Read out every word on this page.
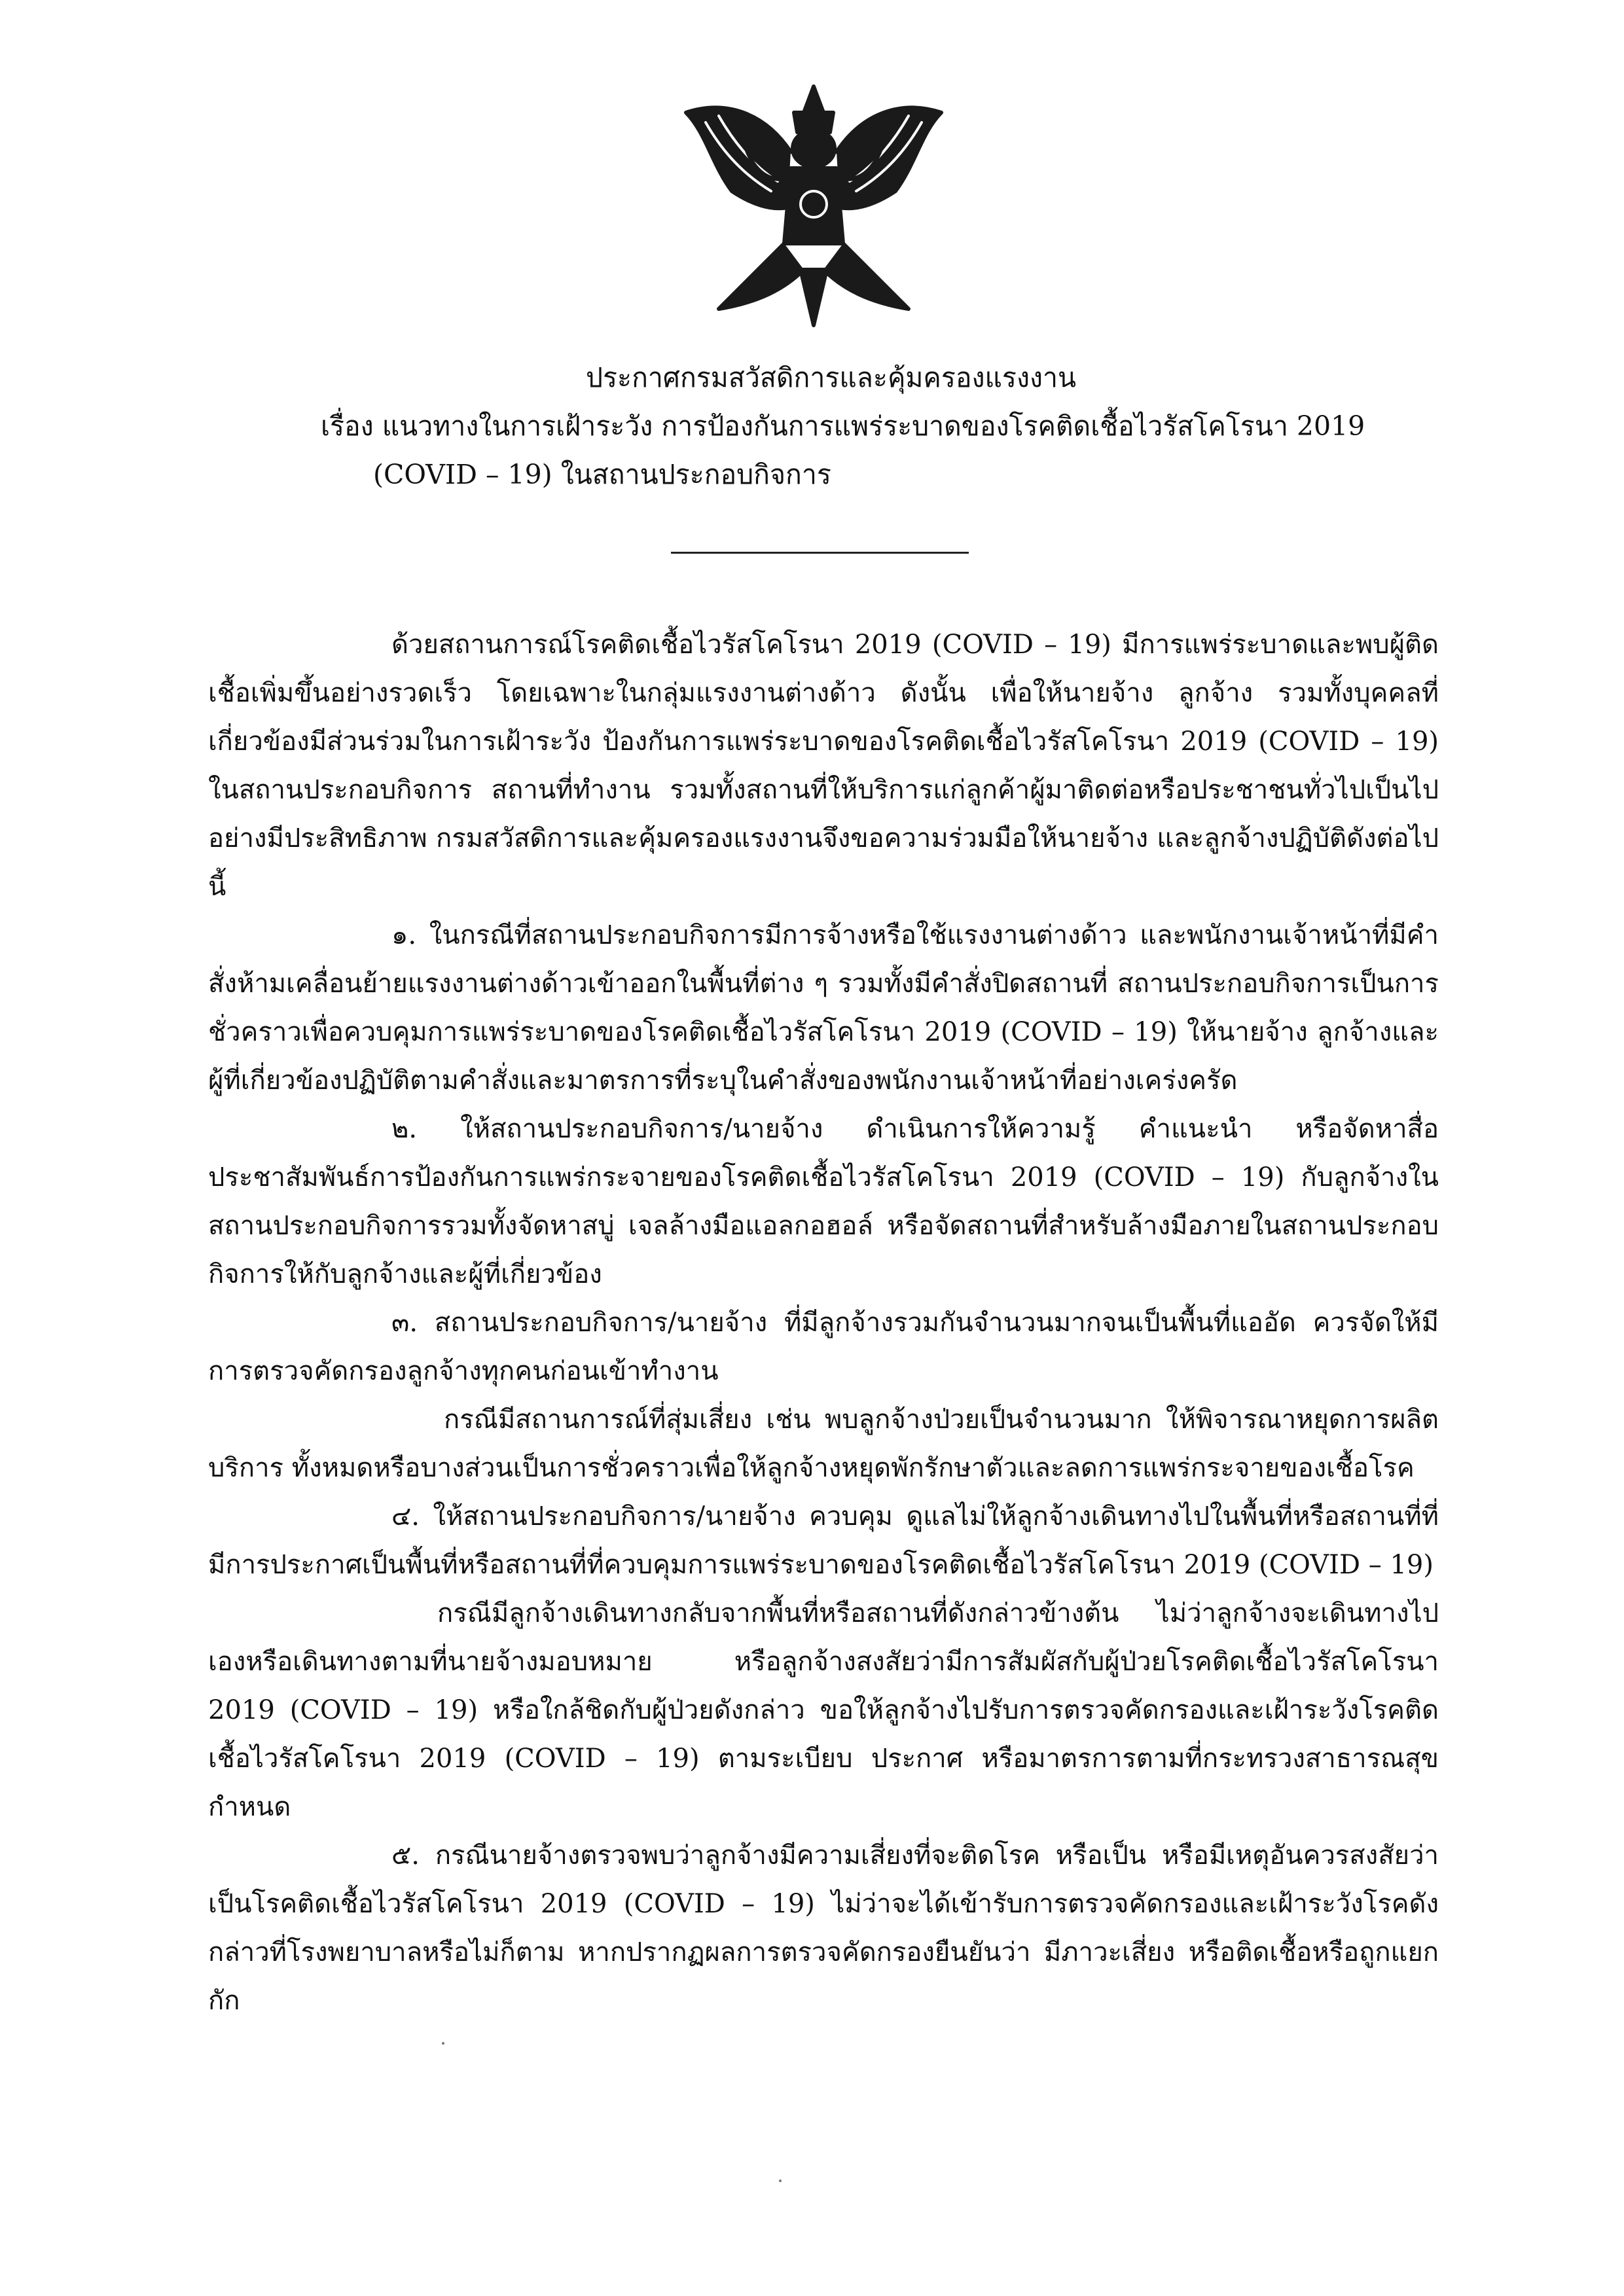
ประกาศกรมสวัสดิการและคุ้มครองแรงงาน
เรื่อง แนวทางในการเฝ้าระวัง การป้องกันการแพร่ระบาดของโรคติดเชื้อไวรัสโคโรนา 2019
(COVID – 19) ในสถานประกอบกิจการ

ด้วยสถานการณ์โรคติดเชื้อไวรัสโคโรนา 2019 (COVID – 19) มีการแพร่ระบาดและพบผู้ติดเชื้อเพิ่มขึ้นอย่างรวดเร็ว โดยเฉพาะในกลุ่มแรงงานต่างด้าว ดังนั้น เพื่อให้นายจ้าง ลูกจ้าง รวมทั้งบุคคลที่เกี่ยวข้องมีส่วนร่วมในการเฝ้าระวัง ป้องกันการแพร่ระบาดของโรคติดเชื้อไวรัสโคโรนา 2019 (COVID – 19) ในสถานประกอบกิจการ สถานที่ทำงาน รวมทั้งสถานที่ให้บริการแก่ลูกค้าผู้มาติดต่อหรือประชาชนทั่วไปเป็นไปอย่างมีประสิทธิภาพ กรมสวัสดิการและคุ้มครองแรงงานจึงขอความร่วมมือให้นายจ้าง และลูกจ้างปฏิบัติดังต่อไปนี้

๑. ในกรณีที่สถานประกอบกิจการมีการจ้างหรือใช้แรงงานต่างด้าว และพนักงานเจ้าหน้าที่มีคำสั่งห้ามเคลื่อนย้ายแรงงานต่างด้าวเข้าออกในพื้นที่ต่าง ๆ รวมทั้งมีคำสั่งปิดสถานที่ สถานประกอบกิจการเป็นการชั่วคราวเพื่อควบคุมการแพร่ระบาดของโรคติดเชื้อไวรัสโคโรนา 2019 (COVID – 19) ให้นายจ้าง ลูกจ้างและผู้ที่เกี่ยวข้องปฏิบัติตามคำสั่งและมาตรการที่ระบุในคำสั่งของพนักงานเจ้าหน้าที่อย่างเคร่งครัด

๒. ให้สถานประกอบกิจการ/นายจ้าง ดำเนินการให้ความรู้ คำแนะนำ หรือจัดหาสื่อประชาสัมพันธ์การป้องกันการแพร่กระจายของโรคติดเชื้อไวรัสโคโรนา 2019 (COVID – 19) กับลูกจ้างในสถานประกอบกิจการรวมทั้งจัดหาสบู่ เจลล้างมือแอลกอฮอล์ หรือจัดสถานที่สำหรับล้างมือภายในสถานประกอบกิจการให้กับลูกจ้างและผู้ที่เกี่ยวข้อง

๓. สถานประกอบกิจการ/นายจ้าง ที่มีลูกจ้างรวมกันจำนวนมากจนเป็นพื้นที่แออัด ควรจัดให้มีการตรวจคัดกรองลูกจ้างทุกคนก่อนเข้าทำงาน

กรณีมีสถานการณ์ที่สุ่มเสี่ยง เช่น พบลูกจ้างป่วยเป็นจำนวนมาก ให้พิจารณาหยุดการผลิตบริการ ทั้งหมดหรือบางส่วนเป็นการชั่วคราวเพื่อให้ลูกจ้างหยุดพักรักษาตัวและลดการแพร่กระจายของเชื้อโรค

๔. ให้สถานประกอบกิจการ/นายจ้าง ควบคุม ดูแลไม่ให้ลูกจ้างเดินทางไปในพื้นที่หรือสถานที่ที่มีการประกาศเป็นพื้นที่หรือสถานที่ที่ควบคุมการแพร่ระบาดของโรคติดเชื้อไวรัสโคโรนา 2019 (COVID – 19)

กรณีมีลูกจ้างเดินทางกลับจากพื้นที่หรือสถานที่ดังกล่าวข้างต้น ไม่ว่าลูกจ้างจะเดินทางไปเองหรือเดินทางตามที่นายจ้างมอบหมาย หรือลูกจ้างสงสัยว่ามีการสัมผัสกับผู้ป่วยโรคติดเชื้อไวรัสโคโรนา 2019 (COVID – 19) หรือใกล้ชิดกับผู้ป่วยดังกล่าว ขอให้ลูกจ้างไปรับการตรวจคัดกรองและเฝ้าระวังโรคติดเชื้อไวรัสโคโรนา 2019 (COVID – 19) ตามระเบียบ ประกาศ หรือมาตรการตามที่กระทรวงสาธารณสุขกำหนด

๕. กรณีนายจ้างตรวจพบว่าลูกจ้างมีความเสี่ยงที่จะติดโรค หรือเป็น หรือมีเหตุอันควรสงสัยว่าเป็นโรคติดเชื้อไวรัสโคโรนา 2019 (COVID – 19) ไม่ว่าจะได้เข้ารับการตรวจคัดกรองและเฝ้าระวังโรคดังกล่าวที่โรงพยาบาลหรือไม่ก็ตาม หากปรากฏผลการตรวจคัดกรองยืนยันว่า มีภาวะเสี่ยง หรือติดเชื้อหรือถูกแยกกัก
